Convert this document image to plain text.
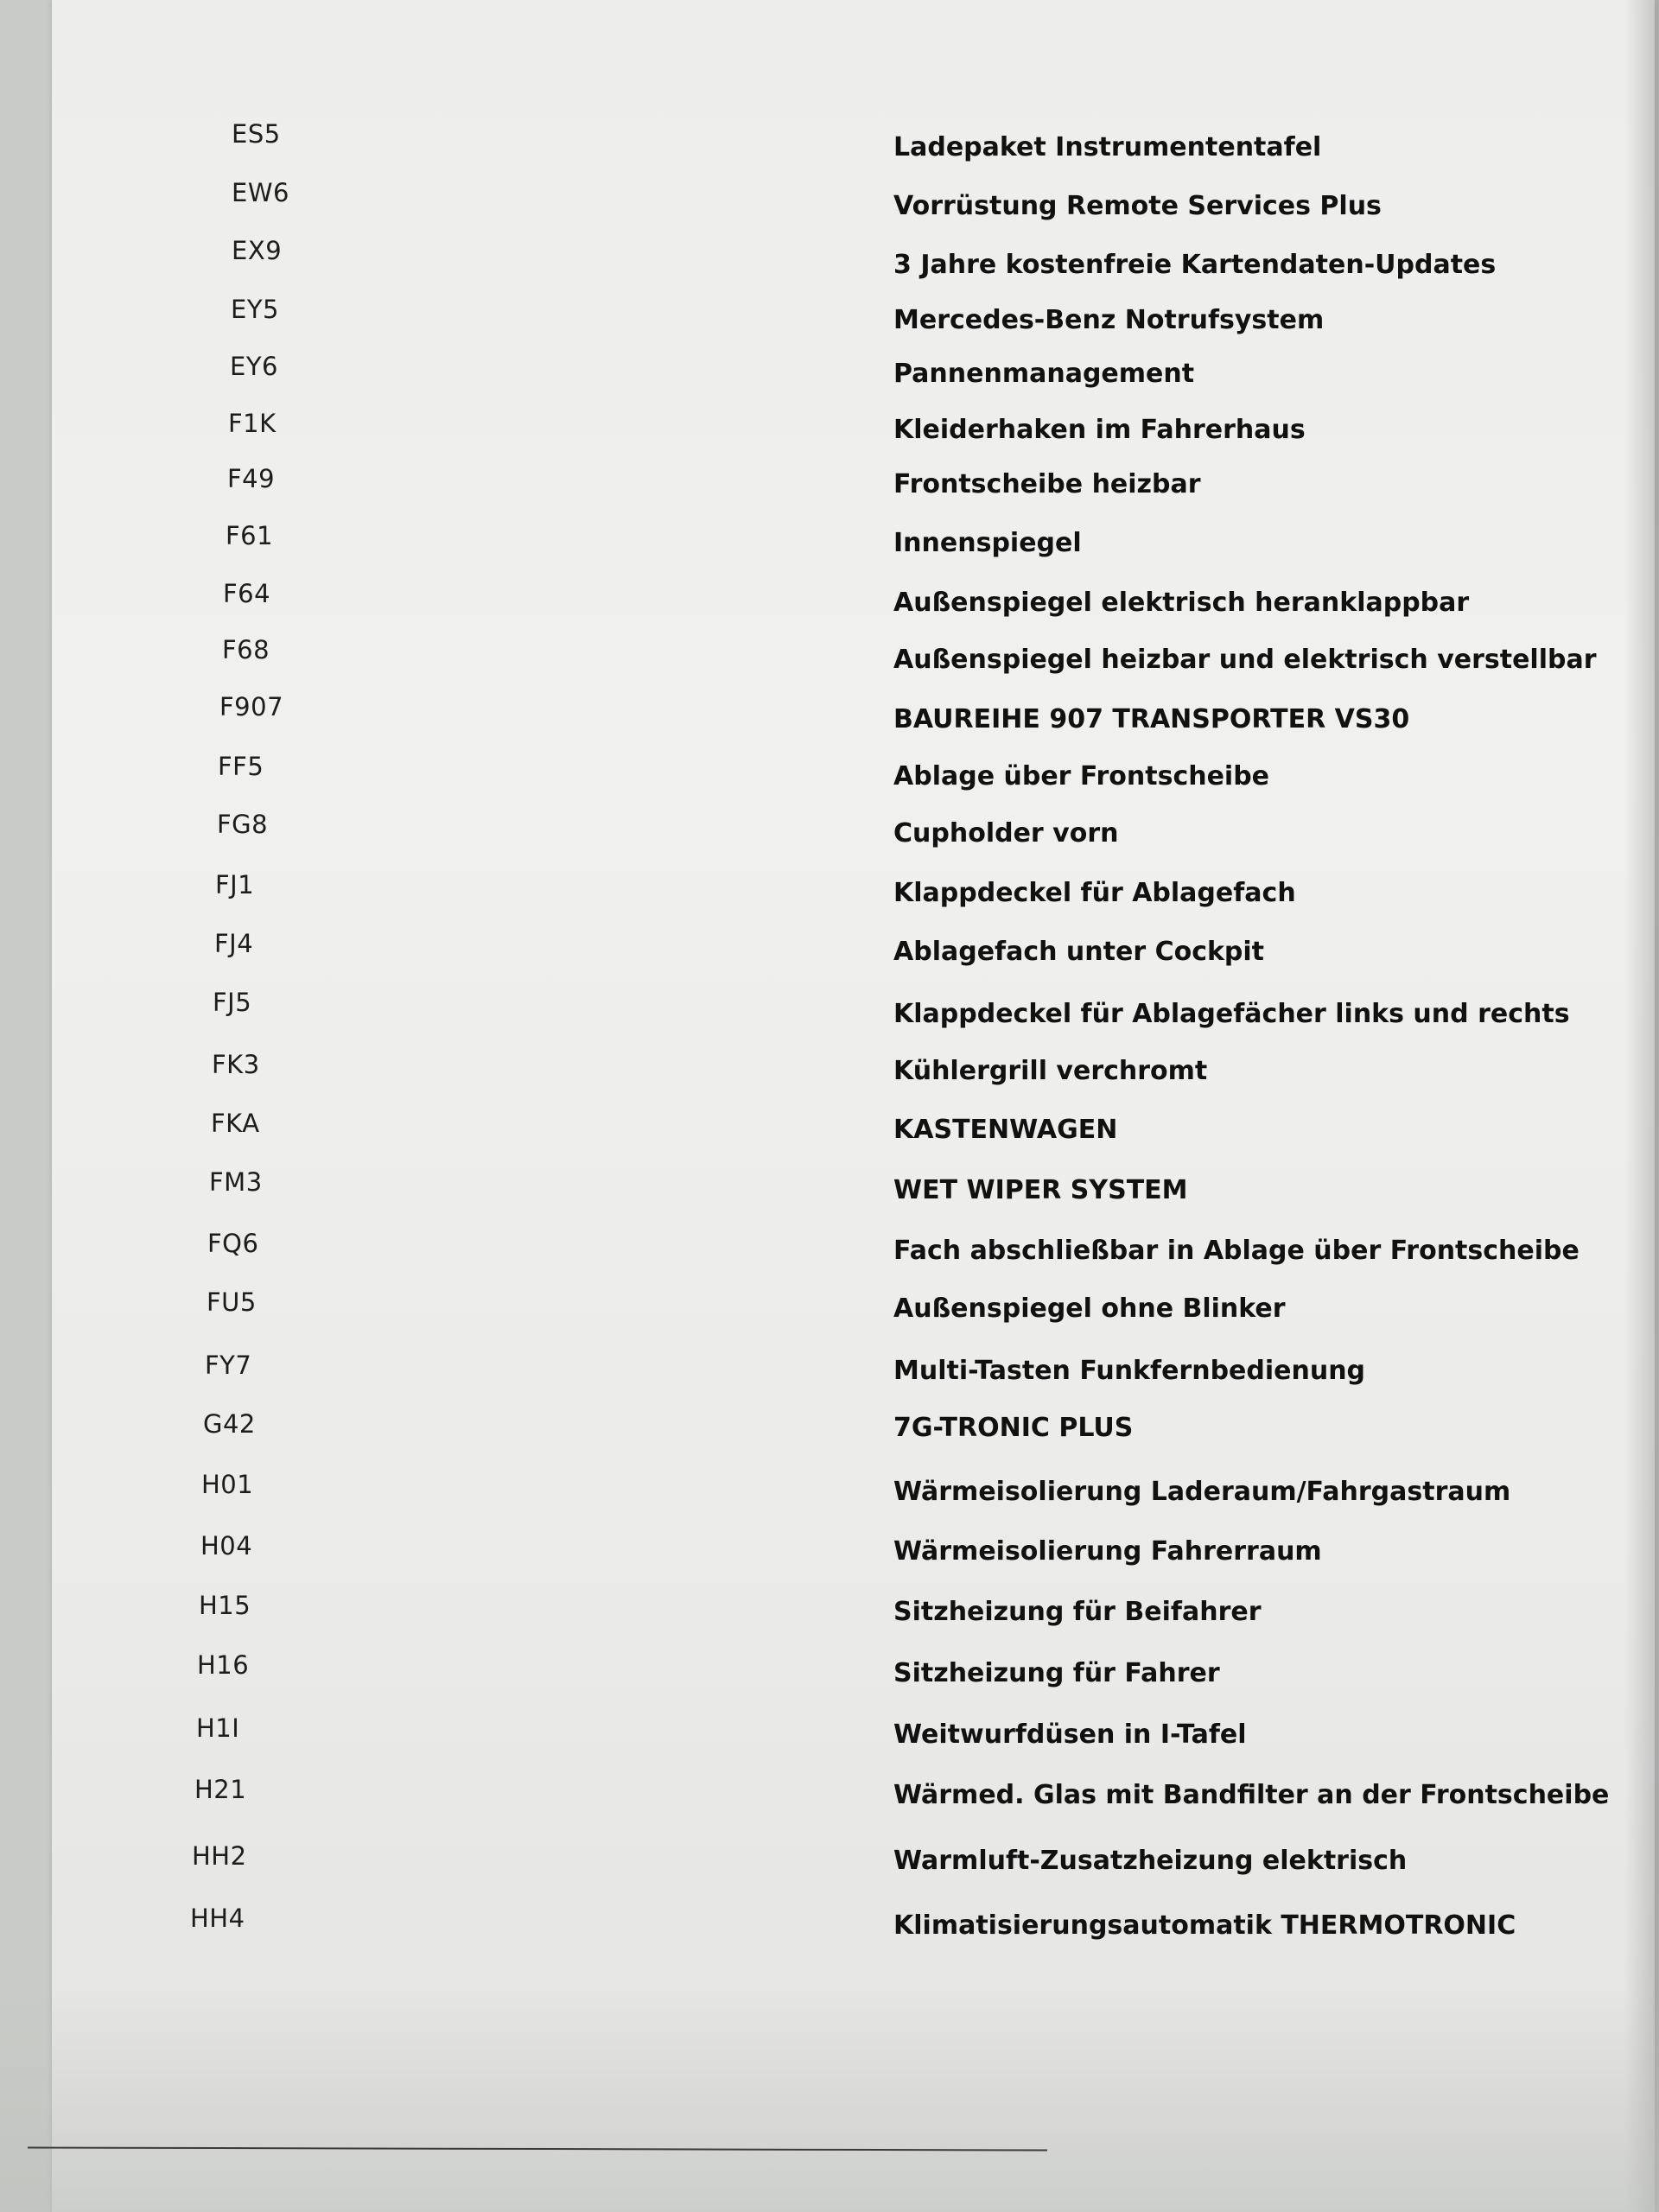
ES5	Ladepaket Instrumententafel
EW6	Vorrüstung Remote Services Plus
EX9	3 Jahre kostenfreie Kartendaten-Updates
EY5	Mercedes-Benz Notrufsystem
EY6	Pannenmanagement
F1K	Kleiderhaken im Fahrerhaus
F49	Frontscheibe heizbar
F61	Innenspiegel
F64	Außenspiegel elektrisch heranklappbar
F68	Außenspiegel heizbar und elektrisch verstellbar
F907	BAUREIHE 907 TRANSPORTER VS30
FF5	Ablage über Frontscheibe
FG8	Cupholder vorn
FJ1	Klappdeckel für Ablagefach
FJ4	Ablagefach unter Cockpit
FJ5	Klappdeckel für Ablagefächer links und rechts
FK3	Kühlergrill verchromt
FKA	KASTENWAGEN
FM3	WET WIPER SYSTEM
FQ6	Fach abschließbar in Ablage über Frontscheibe
FU5	Außenspiegel ohne Blinker
FY7	Multi-Tasten Funkfernbedienung
G42	7G-TRONIC PLUS
H01	Wärmeisolierung Laderaum/Fahrgastraum
H04	Wärmeisolierung Fahrerraum
H15	Sitzheizung für Beifahrer
H16	Sitzheizung für Fahrer
H1I	Weitwurfdüsen in I-Tafel
H21	Wärmed. Glas mit Bandfilter an der Frontscheibe
HH2	Warmluft-Zusatzheizung elektrisch
HH4	Klimatisierungsautomatik THERMOTRONIC
